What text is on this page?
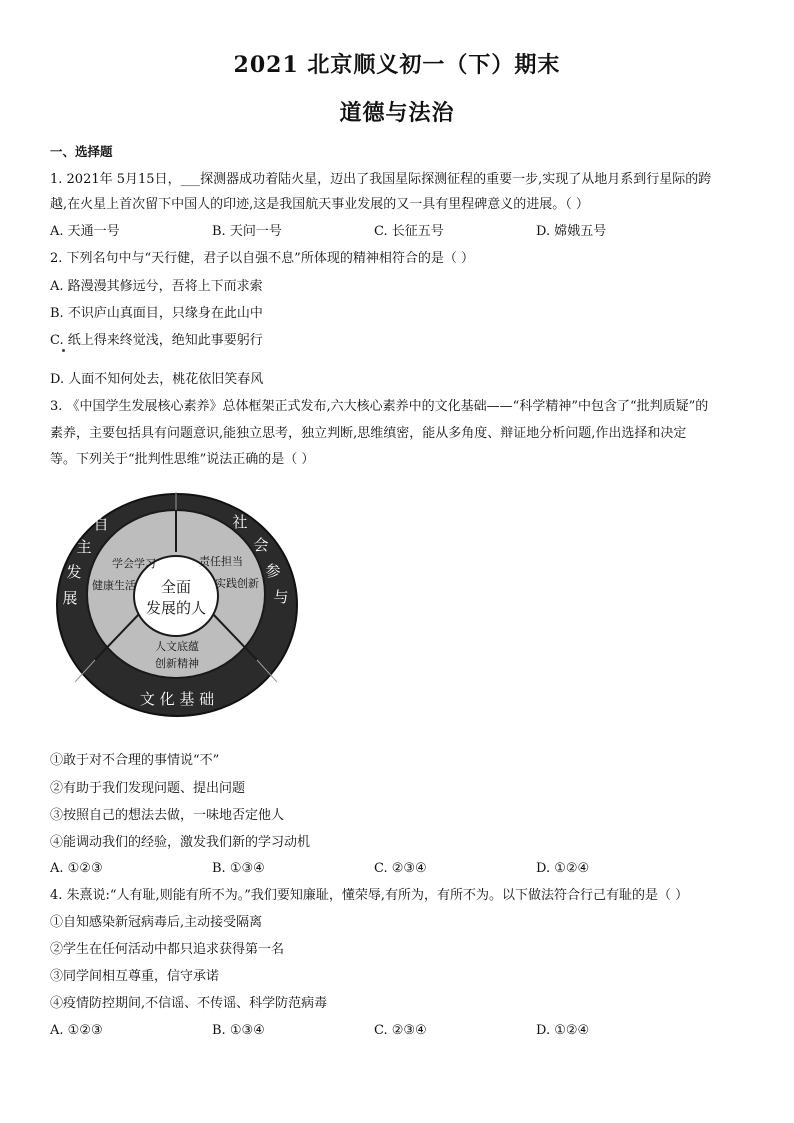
2021 北京顺义初一（下）期末
道德与法治
一、选择题
1. 2021年 5月15日，___探测器成功着陆火星，迈出了我国星际探测征程的重要一步,实现了从地月系到行星际的跨
越,在火星上首次留下中国人的印迹,这是我国航天事业发展的又一具有里程碑意义的进展。（ ）
A. 天通一号	B. 天问一号	C. 长征五号	D. 嫦娥五号
2. 下列名句中与“天行健，君子以自强不息”所体现的精神相符合的是（ ）
A. 路漫漫其修远兮，吾将上下而求索
B. 不识庐山真面目，只缘身在此山中
C. 纸上得来终觉浅，绝知此事要躬行
D. 人面不知何处去，桃花依旧笑春风
3. 《中国学生发展核心素养》总体框架正式发布,六大核心素养中的文化基础——“科学精神”中包含了“批判质疑”的
素养，主要包括具有问题意识,能独立思考，独立判断,思维缜密，能从多角度、辩证地分析问题,作出选择和决定
等。下列关于“批判性思维”说法正确的是（ ）
全面
发展的人
学会学习
健康生活
责任担当
实践创新
人文底蕴
创新精神
自
主
发
展
社
会
参
与
文 化 基 础
①敢于对不合理的事情说“不”
②有助于我们发现问题、提出问题
③按照自己的想法去做，一味地否定他人
④能调动我们的经验，激发我们新的学习动机
A. ①②③	B. ①③④	C. ②③④	D. ①②④
4. 朱熹说:“人有耻,则能有所不为。”我们要知廉耻，懂荣辱,有所为，有所不为。以下做法符合行己有耻的是（ ）
①自知感染新冠病毒后,主动接受隔离
②学生在任何活动中都只追求获得第一名
③同学间相互尊重，信守承诺
④疫情防控期间,不信谣、不传谣、科学防范病毒
A. ①②③	B. ①③④	C. ②③④	D. ①②④
